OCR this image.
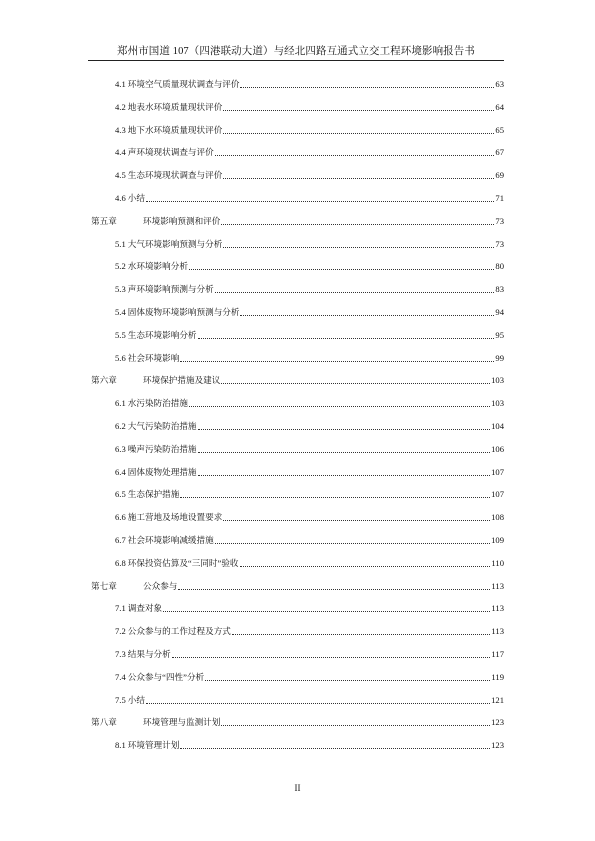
郑州市国道 107（四港联动大道）与经北四路互通式立交工程环境影响报告书
4.1 环境空气质量现状调查与评价	63
4.2 地表水环境质量现状评价	64
4.3 地下水环境质量现状评价	65
4.4 声环境现状调查与评价	67
4.5 生态环境现状调查与评价	69
4.6 小结	71
第五章	环境影响预测和评价	73
5.1 大气环境影响预测与分析	73
5.2 水环境影响分析	80
5.3 声环境影响预测与分析	83
5.4 固体废物环境影响预测与分析	94
5.5 生态环境影响分析	95
5.6 社会环境影响	99
第六章	环境保护措施及建议	103
6.1 水污染防治措施	103
6.2 大气污染防治措施	104
6.3 噪声污染防治措施	106
6.4 固体废物处理措施	107
6.5 生态保护措施	107
6.6 施工营地及场地设置要求	108
6.7 社会环境影响减缓措施	109
6.8 环保投资估算及“三同时”验收	110
第七章	公众参与	113
7.1 调查对象	113
7.2 公众参与的工作过程及方式	113
7.3 结果与分析	117
7.4 公众参与“四性”分析	119
7.5 小结	121
第八章	环境管理与监测计划	123
8.1 环境管理计划	123
II
